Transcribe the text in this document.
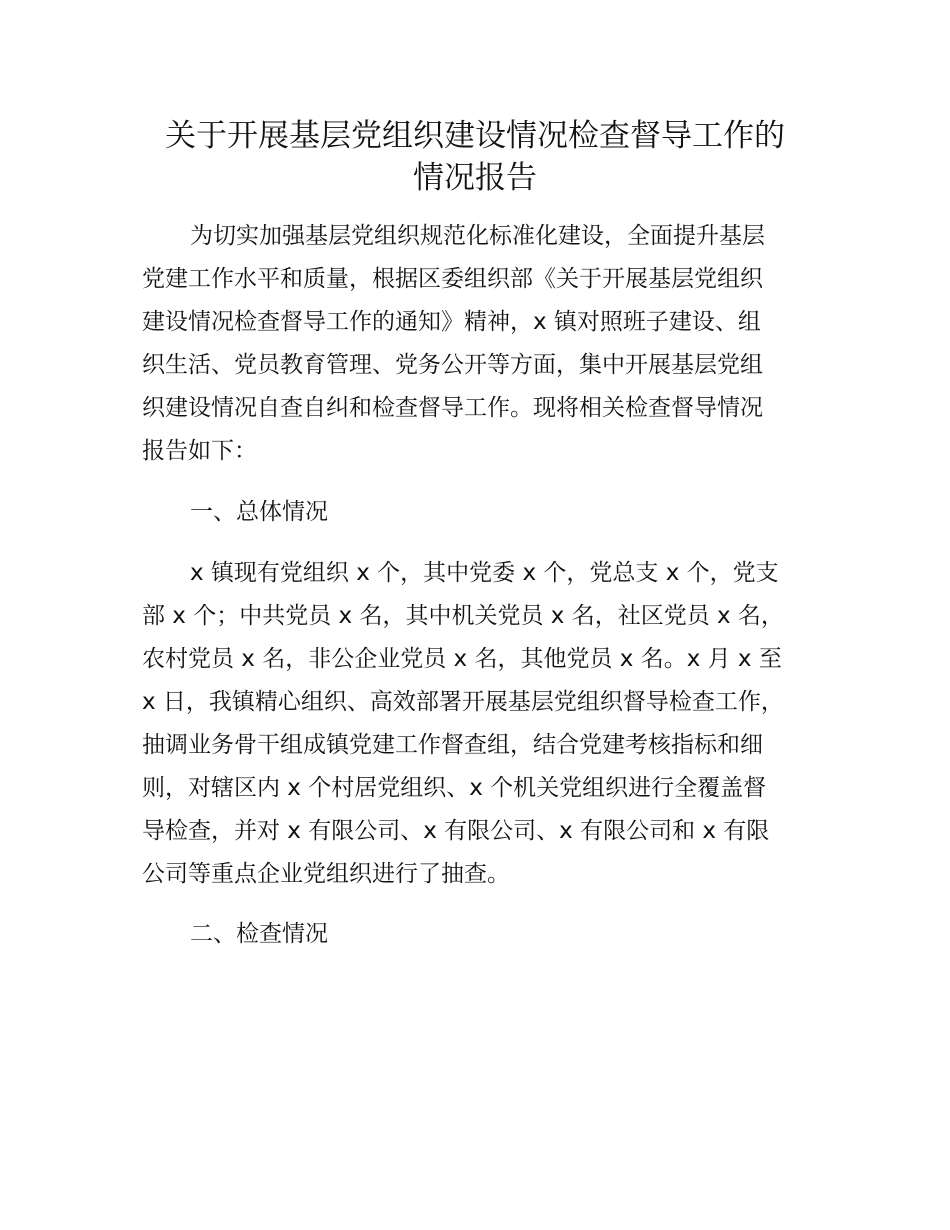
关于开展基层党组织建设情况检查督导工作的
情况报告

为切实加强基层党组织规范化标准化建设，全面提升基层
党建工作水平和质量，根据区委组织部《关于开展基层党组织
建设情况检查督导工作的通知》精神，x 镇对照班子建设、组
织生活、党员教育管理、党务公开等方面，集中开展基层党组
织建设情况自查自纠和检查督导工作。现将相关检查督导情况
报告如下：

一、总体情况

x 镇现有党组织 x 个，其中党委 x 个，党总支 x 个，党支
部 x 个；中共党员 x 名，其中机关党员 x 名，社区党员 x 名，
农村党员 x 名，非公企业党员 x 名，其他党员 x 名。x 月 x 至
x 日，我镇精心组织、高效部署开展基层党组织督导检查工作，
抽调业务骨干组成镇党建工作督查组，结合党建考核指标和细
则，对辖区内 x 个村居党组织、x 个机关党组织进行全覆盖督
导检查，并对 x 有限公司、x 有限公司、x 有限公司和 x 有限
公司等重点企业党组织进行了抽查。

二、检查情况
